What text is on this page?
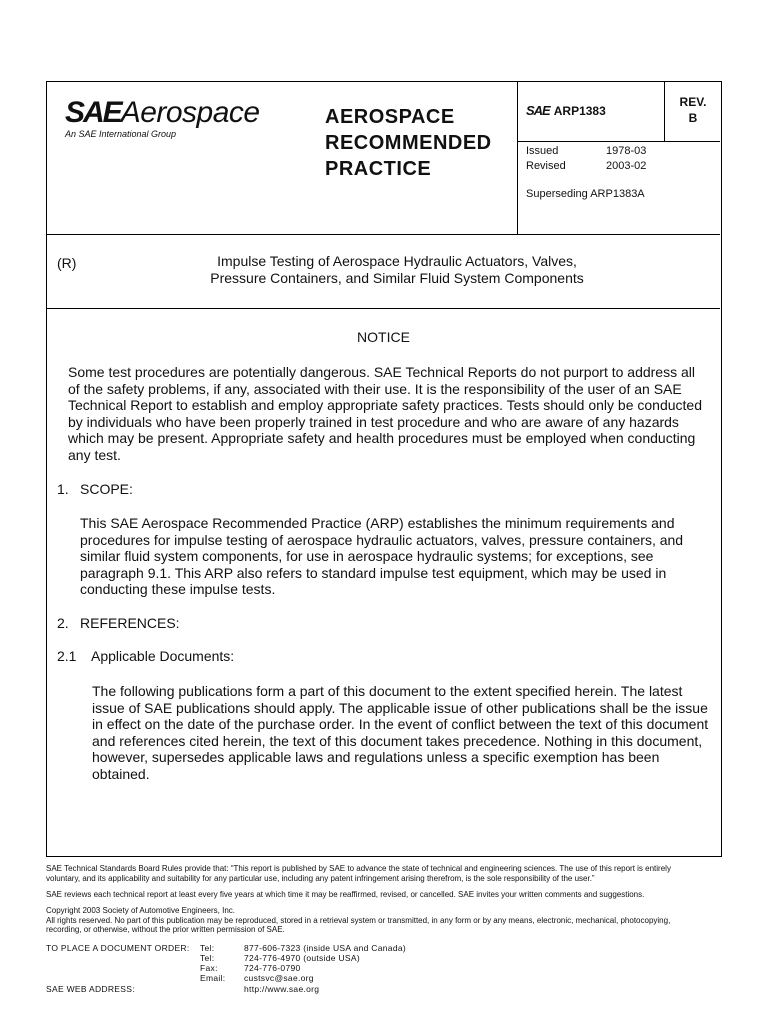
SAEAerospace
An SAE International Group
AEROSPACE
RECOMMENDED
PRACTICE
SAE ARP1383
REV.
B
Issued	1978-03
Revised	2003-02
Superseding ARP1383A
(R)	Impulse Testing of Aerospace Hydraulic Actuators, Valves,
Pressure Containers, and Similar Fluid System Components
NOTICE
Some test procedures are potentially dangerous. SAE Technical Reports do not purport to address all
of the safety problems, if any, associated with their use. It is the responsibility of the user of an SAE
Technical Report to establish and employ appropriate safety practices. Tests should only be conducted
by individuals who have been properly trained in test procedure and who are aware of any hazards
which may be present. Appropriate safety and health procedures must be employed when conducting
any test.
1. SCOPE:
This SAE Aerospace Recommended Practice (ARP) establishes the minimum requirements and
procedures for impulse testing of aerospace hydraulic actuators, valves, pressure containers, and
similar fluid system components, for use in aerospace hydraulic systems; for exceptions, see
paragraph 9.1. This ARP also refers to standard impulse test equipment, which may be used in
conducting these impulse tests.
2. REFERENCES:
2.1 Applicable Documents:
The following publications form a part of this document to the extent specified herein. The latest
issue of SAE publications should apply. The applicable issue of other publications shall be the issue
in effect on the date of the purchase order. In the event of conflict between the text of this document
and references cited herein, the text of this document takes precedence. Nothing in this document,
however, supersedes applicable laws and regulations unless a specific exemption has been
obtained.
SAE Technical Standards Board Rules provide that: “This report is published by SAE to advance the state of technical and engineering sciences. The use of this report is entirely
voluntary, and its applicability and suitability for any particular use, including any patent infringement arising therefrom, is the sole responsibility of the user.”
SAE reviews each technical report at least every five years at which time it may be reaffirmed, revised, or cancelled. SAE invites your written comments and suggestions.
Copyright 2003 Society of Automotive Engineers, Inc.
All rights reserved. No part of this publication may be reproduced, stored in a retrieval system or transmitted, in any form or by any means, electronic, mechanical, photocopying,
recording, or otherwise, without the prior written permission of SAE.
TO PLACE A DOCUMENT ORDER:	Tel:	877-606-7323 (inside USA and Canada)
Tel:	724-776-4970 (outside USA)
Fax:	724-776-0790
Email: custsvc@sae.org
SAE WEB ADDRESS:	http://www.sae.org
